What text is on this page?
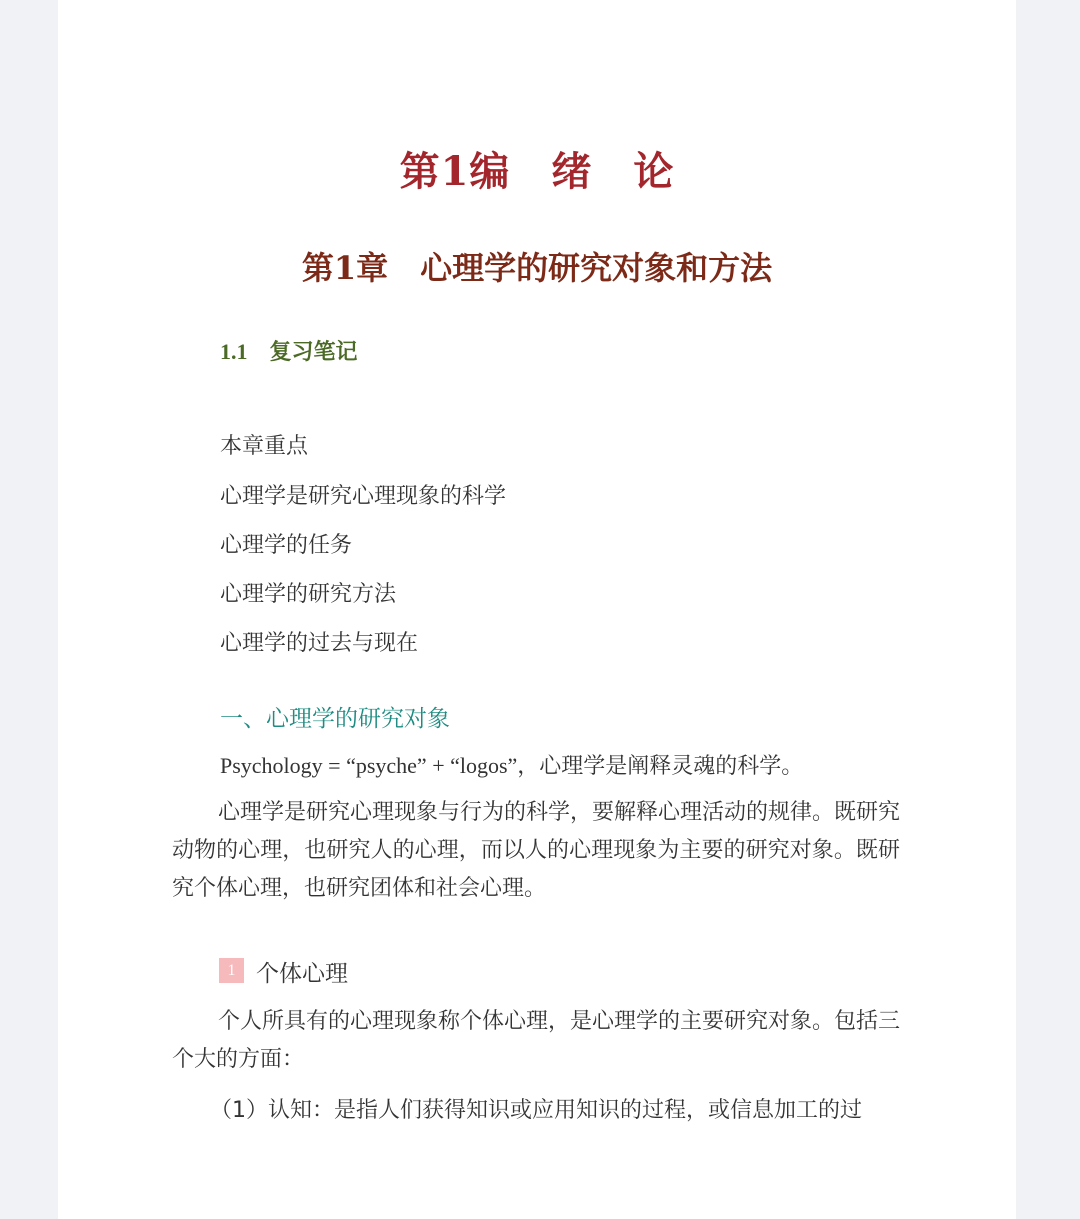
第1编　绪　论
第1章　心理学的研究对象和方法
1.1 复习笔记
本章重点
心理学是研究心理现象的科学
心理学的任务
心理学的研究方法
心理学的过去与现在
一、心理学的研究对象
Psychology = “psyche” + “logos”，心理学是阐释灵魂的科学。
心理学是研究心理现象与行为的科学，要解释心理活动的规律。既研究动物的心理，也研究人的心理，而以人的心理现象为主要的研究对象。既研究个体心理，也研究团体和社会心理。
1 个体心理
个人所具有的心理现象称个体心理，是心理学的主要研究对象。包括三个大的方面：
（1）认知：是指人们获得知识或应用知识的过程，或信息加工的过
